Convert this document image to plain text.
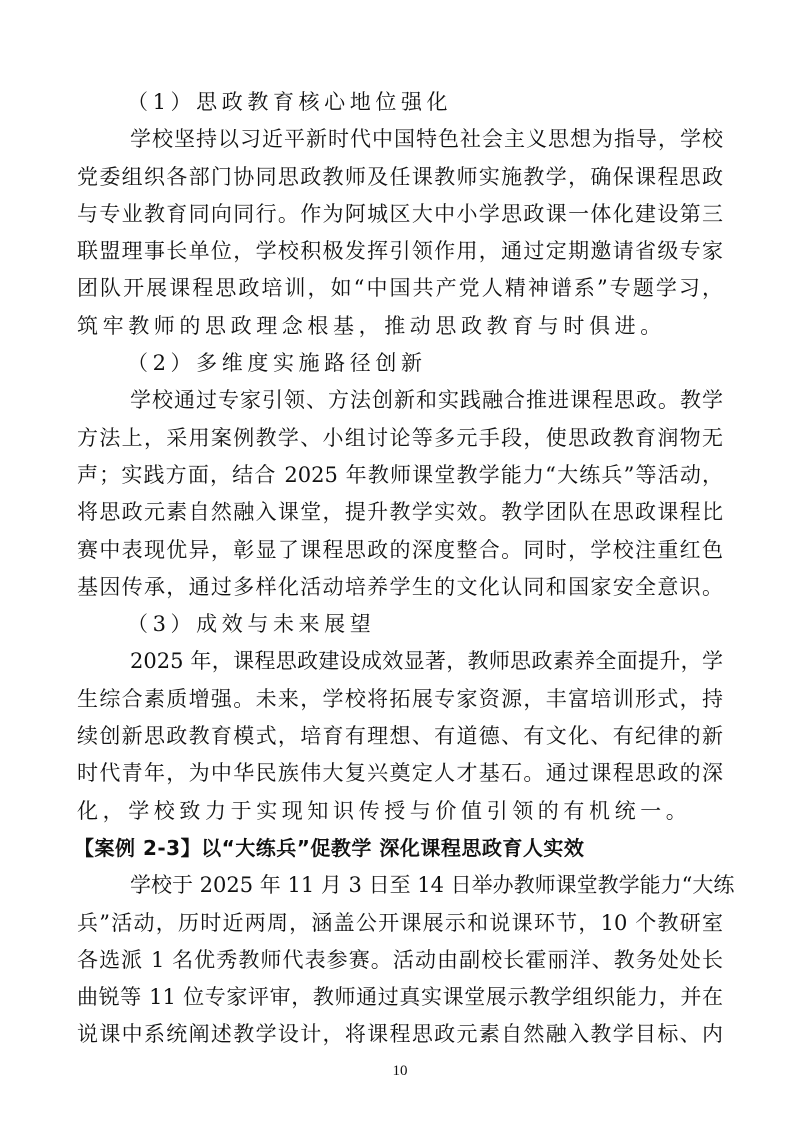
（1）思政教育核心地位强化
学校坚持以习近平新时代中国特色社会主义思想为指导，学校
党委组织各部门协同思政教师及任课教师实施教学，确保课程思政
与专业教育同向同行。作为阿城区大中小学思政课一体化建设第三
联盟理事长单位，学校积极发挥引领作用，通过定期邀请省级专家
团队开展课程思政培训，如“中国共产党人精神谱系”专题学习，
筑牢教师的思政理念根基，推动思政教育与时俱进。
（2）多维度实施路径创新
学校通过专家引领、方法创新和实践融合推进课程思政。教学
方法上，采用案例教学、小组讨论等多元手段，使思政教育润物无
声；实践方面，结合 2025 年教师课堂教学能力“大练兵”等活动，
将思政元素自然融入课堂，提升教学实效。教学团队在思政课程比
赛中表现优异，彰显了课程思政的深度整合。同时，学校注重红色
基因传承，通过多样化活动培养学生的文化认同和国家安全意识。
（3）成效与未来展望
2025 年，课程思政建设成效显著，教师思政素养全面提升，学
生综合素质增强。未来，学校将拓展专家资源，丰富培训形式，持
续创新思政教育模式，培育有理想、有道德、有文化、有纪律的新
时代青年，为中华民族伟大复兴奠定人才基石。通过课程思政的深
化，学校致力于实现知识传授与价值引领的有机统一。
【案例 2-3】以“大练兵”促教学 深化课程思政育人实效
学校于 2025 年 11 月 3 日至 14 日举办教师课堂教学能力“大练
兵”活动，历时近两周，涵盖公开课展示和说课环节，10 个教研室
各选派 1 名优秀教师代表参赛。活动由副校长霍丽洋、教务处处长
曲锐等 11 位专家评审，教师通过真实课堂展示教学组织能力，并在
说课中系统阐述教学设计，将课程思政元素自然融入教学目标、内
10
